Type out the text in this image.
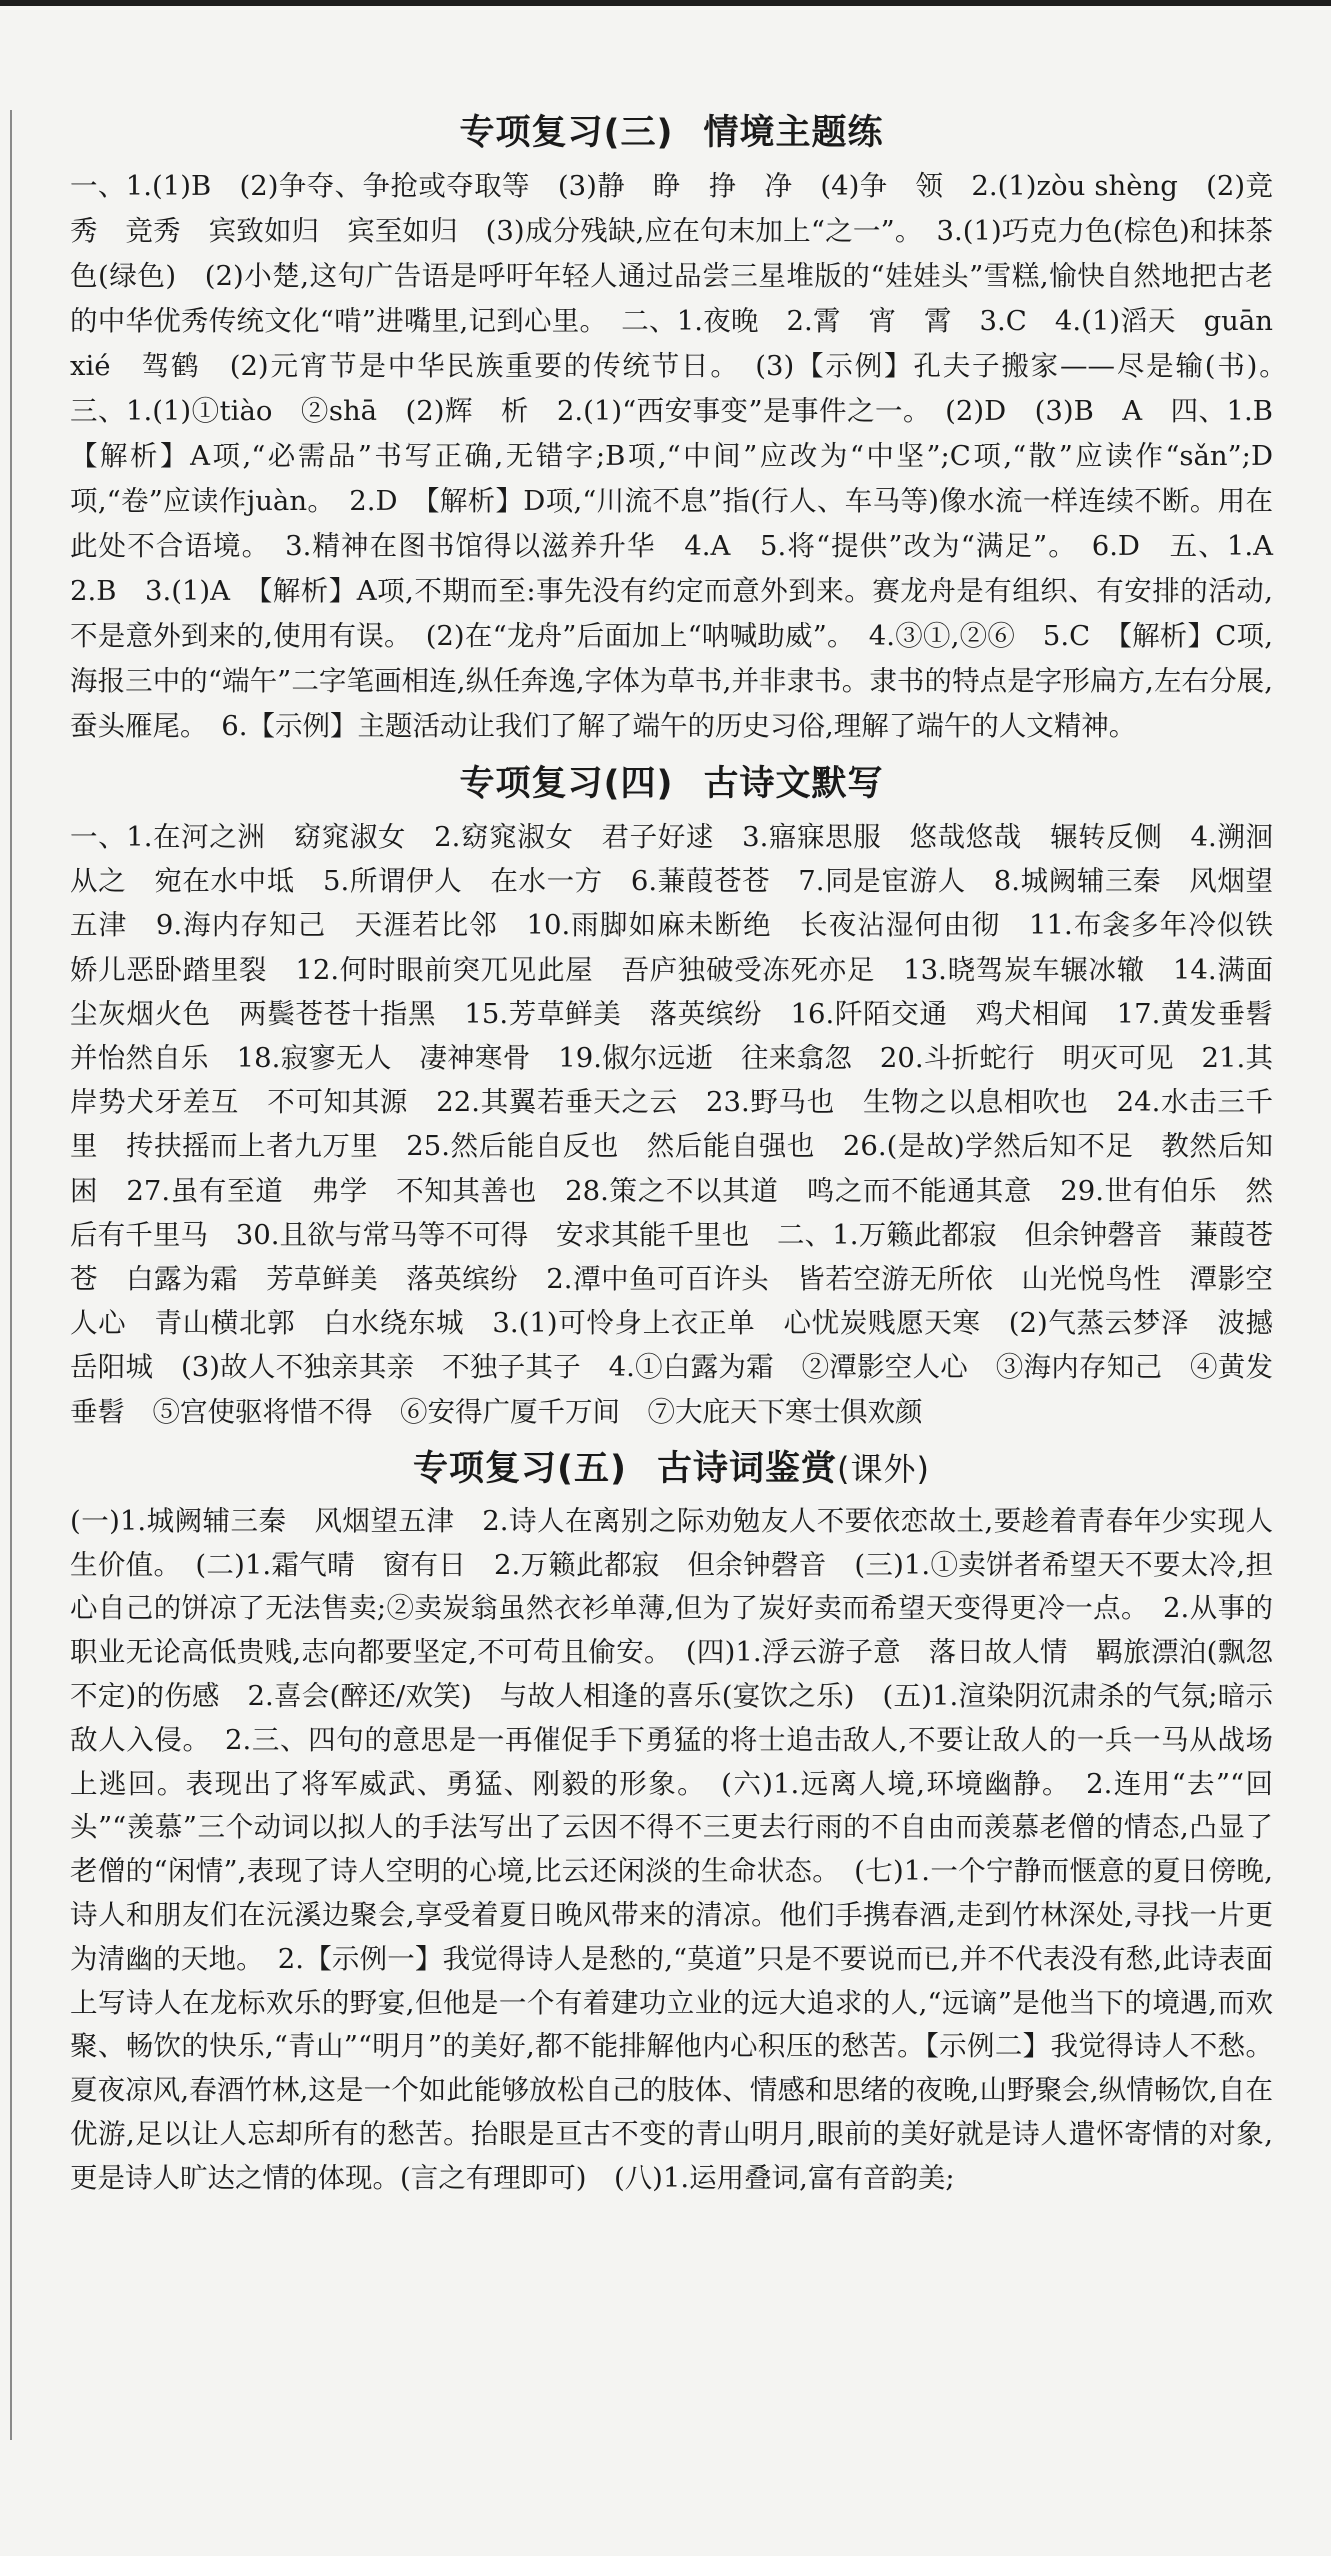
专项复习(三) 情境主题练

一、1.(1)B　(2)争夺、争抢或夺取等　(3)静　睁　挣　净　(4)争　领　2.(1)zòu shèng　(2)竞秀　竞秀　宾致如归　宾至如归　(3)成分残缺,应在句末加上“之一”。　3.(1)巧克力色(棕色)和抹茶色(绿色)　(2)小楚,这句广告语是呼吁年轻人通过品尝三星堆版的“娃娃头”雪糕,愉快自然地把古老的中华优秀传统文化“啃”进嘴里,记到心里。　二、1.夜晚　2.霄　宵　霄　3.C　4.(1)滔天　guān　xié　驾鹤　(2)元宵节是中华民族重要的传统节日。　(3)【示例】孔夫子搬家——尽是输(书)。　三、1.(1)①tiào　②shā　(2)辉　析　2.(1)“西安事变”是事件之一。　(2)D　(3)B　A　四、1.B　【解析】A项,“必需品”书写正确,无错字;B项,“中间”应改为“中坚”;C项,“散”应读作“sǎn”;D项,“卷”应读作juàn。　2.D　【解析】D项,“川流不息”指(行人、车马等)像水流一样连续不断。用在此处不合语境。　3.精神在图书馆得以滋养升华　4.A　5.将“提供”改为“满足”。　6.D　五、1.A　2.B　3.(1)A　【解析】A项,不期而至:事先没有约定而意外到来。赛龙舟是有组织、有安排的活动,不是意外到来的,使用有误。　(2)在“龙舟”后面加上“呐喊助威”。　4.③①,②⑥　5.C　【解析】C项,海报三中的“端午”二字笔画相连,纵任奔逸,字体为草书,并非隶书。隶书的特点是字形扁方,左右分展,蚕头雁尾。　6.【示例】主题活动让我们了解了端午的历史习俗,理解了端午的人文精神。

专项复习(四) 古诗文默写

一、1.在河之洲　窈窕淑女　2.窈窕淑女　君子好逑　3.寤寐思服　悠哉悠哉　辗转反侧　4.溯洄从之　宛在水中坻　5.所谓伊人　在水一方　6.蒹葭苍苍　7.同是宦游人　8.城阙辅三秦　风烟望五津　9.海内存知己　天涯若比邻　10.雨脚如麻未断绝　长夜沾湿何由彻　11.布衾多年冷似铁　娇儿恶卧踏里裂　12.何时眼前突兀见此屋　吾庐独破受冻死亦足　13.晓驾炭车辗冰辙　14.满面尘灰烟火色　两鬓苍苍十指黑　15.芳草鲜美　落英缤纷　16.阡陌交通　鸡犬相闻　17.黄发垂髫　并怡然自乐　18.寂寥无人　凄神寒骨　19.俶尔远逝　往来翕忽　20.斗折蛇行　明灭可见　21.其岸势犬牙差互　不可知其源　22.其翼若垂天之云　23.野马也　生物之以息相吹也　24.水击三千里　抟扶摇而上者九万里　25.然后能自反也　然后能自强也　26.(是故)学然后知不足　教然后知困　27.虽有至道　弗学　不知其善也　28.策之不以其道　鸣之而不能通其意　29.世有伯乐　然后有千里马　30.且欲与常马等不可得　安求其能千里也　二、1.万籁此都寂　但余钟磬音　蒹葭苍苍　白露为霜　芳草鲜美　落英缤纷　2.潭中鱼可百许头　皆若空游无所依　山光悦鸟性　潭影空人心　青山横北郭　白水绕东城　3.(1)可怜身上衣正单　心忧炭贱愿天寒　(2)气蒸云梦泽　波撼岳阳城　(3)故人不独亲其亲　不独子其子　4.①白露为霜　②潭影空人心　③海内存知己　④黄发垂髫　⑤宫使驱将惜不得　⑥安得广厦千万间　⑦大庇天下寒士俱欢颜

专项复习(五) 古诗词鉴赏(课外)

(一)1.城阙辅三秦　风烟望五津　2.诗人在离别之际劝勉友人不要依恋故土,要趁着青春年少实现人生价值。　(二)1.霜气晴　窗有日　2.万籁此都寂　但余钟磬音　(三)1.①卖饼者希望天不要太冷,担心自己的饼凉了无法售卖;②卖炭翁虽然衣衫单薄,但为了炭好卖而希望天变得更冷一点。　2.从事的职业无论高低贵贱,志向都要坚定,不可苟且偷安。　(四)1.浮云游子意　落日故人情　羁旅漂泊(飘忽不定)的伤感　2.喜会(醉还/欢笑)　与故人相逢的喜乐(宴饮之乐)　(五)1.渲染阴沉肃杀的气氛;暗示敌人入侵。　2.三、四句的意思是一再催促手下勇猛的将士追击敌人,不要让敌人的一兵一马从战场上逃回。表现出了将军威武、勇猛、刚毅的形象。　(六)1.远离人境,环境幽静。　2.连用“去”“回头”“羡慕”三个动词以拟人的手法写出了云因不得不三更去行雨的不自由而羡慕老僧的情态,凸显了老僧的“闲情”,表现了诗人空明的心境,比云还闲淡的生命状态。　(七)1.一个宁静而惬意的夏日傍晚,诗人和朋友们在沅溪边聚会,享受着夏日晚风带来的清凉。他们手携春酒,走到竹林深处,寻找一片更为清幽的天地。　2.【示例一】我觉得诗人是愁的,“莫道”只是不要说而已,并不代表没有愁,此诗表面上写诗人在龙标欢乐的野宴,但他是一个有着建功立业的远大追求的人,“远谪”是他当下的境遇,而欢聚、畅饮的快乐,“青山”“明月”的美好,都不能排解他内心积压的愁苦。【示例二】我觉得诗人不愁。夏夜凉风,春酒竹林,这是一个如此能够放松自己的肢体、情感和思绪的夜晚,山野聚会,纵情畅饮,自在优游,足以让人忘却所有的愁苦。抬眼是亘古不变的青山明月,眼前的美好就是诗人遣怀寄情的对象,更是诗人旷达之情的体现。(言之有理即可)　(八)1.运用叠词,富有音韵美;
